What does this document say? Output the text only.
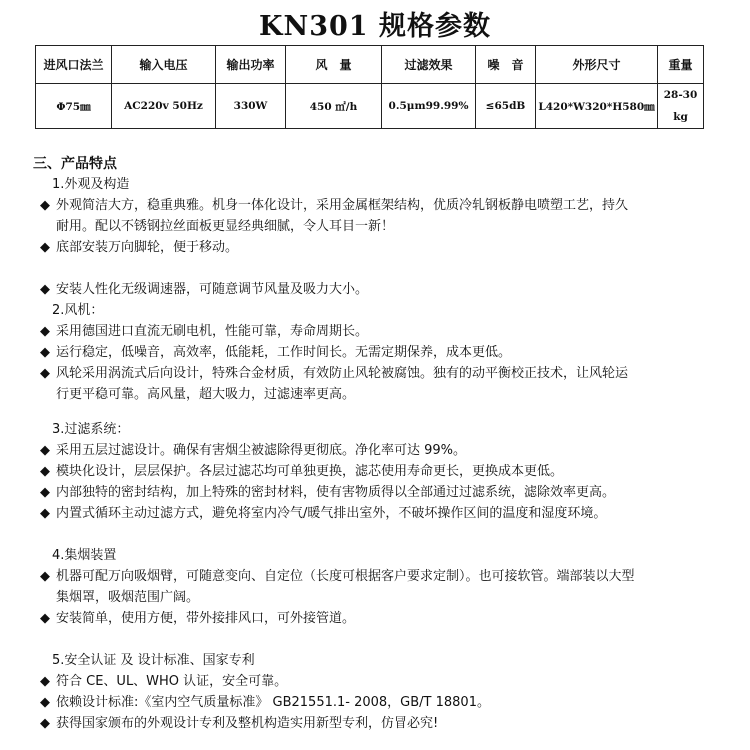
KN301 规格参数
进风口法兰	输入电压	输出功率	风　量	过滤效果	噪　音	外形尺寸	重量
Φ75㎜	AC220v 50Hz	330W	450 ㎡/h	0.5μm99.99%	≤65dB	L420*W320*H580㎜	28-30 kg
三、产品特点
1.外观及构造
◆ 外观简洁大方，稳重典雅。机身一体化设计，采用金属框架结构，优质冷轧钢板静电喷塑工艺，持久
耐用。配以不锈钢拉丝面板更显经典细腻，令人耳目一新！
◆ 底部安装万向脚轮，便于移动。
◆ 安装人性化无级调速器，可随意调节风量及吸力大小。
2.风机：
◆ 采用德国进口直流无刷电机，性能可靠，寿命周期长。
◆ 运行稳定，低噪音，高效率，低能耗，工作时间长。无需定期保养，成本更低。
◆ 风轮采用涡流式后向设计，特殊合金材质，有效防止风轮被腐蚀。独有的动平衡校正技术，让风轮运
行更平稳可靠。高风量，超大吸力，过滤速率更高。
3.过滤系统：
◆ 采用五层过滤设计。确保有害烟尘被滤除得更彻底。净化率可达 99%。
◆ 模块化设计，层层保护。各层过滤芯均可单独更换，滤芯使用寿命更长，更换成本更低。
◆ 内部独特的密封结构，加上特殊的密封材料，使有害物质得以全部通过过滤系统，滤除效率更高。
◆ 内置式循环主动过滤方式，避免将室内冷气/暖气排出室外，不破坏操作区间的温度和湿度环境。
4.集烟装置
◆ 机器可配万向吸烟臂，可随意变向、自定位（长度可根据客户要求定制）。也可接软管。端部装以大型
集烟罩，吸烟范围广阔。
◆ 安装简单，使用方便，带外接排风口，可外接管道。
5.安全认证 及 设计标准、国家专利
◆ 符合 CE、UL、WHO 认证，安全可靠。
◆ 依赖设计标准:《室内空气质量标准》 GB21551.1- 2008，GB/T 18801。
◆ 获得国家颁布的外观设计专利及整机构造实用新型专利，仿冒必究!
